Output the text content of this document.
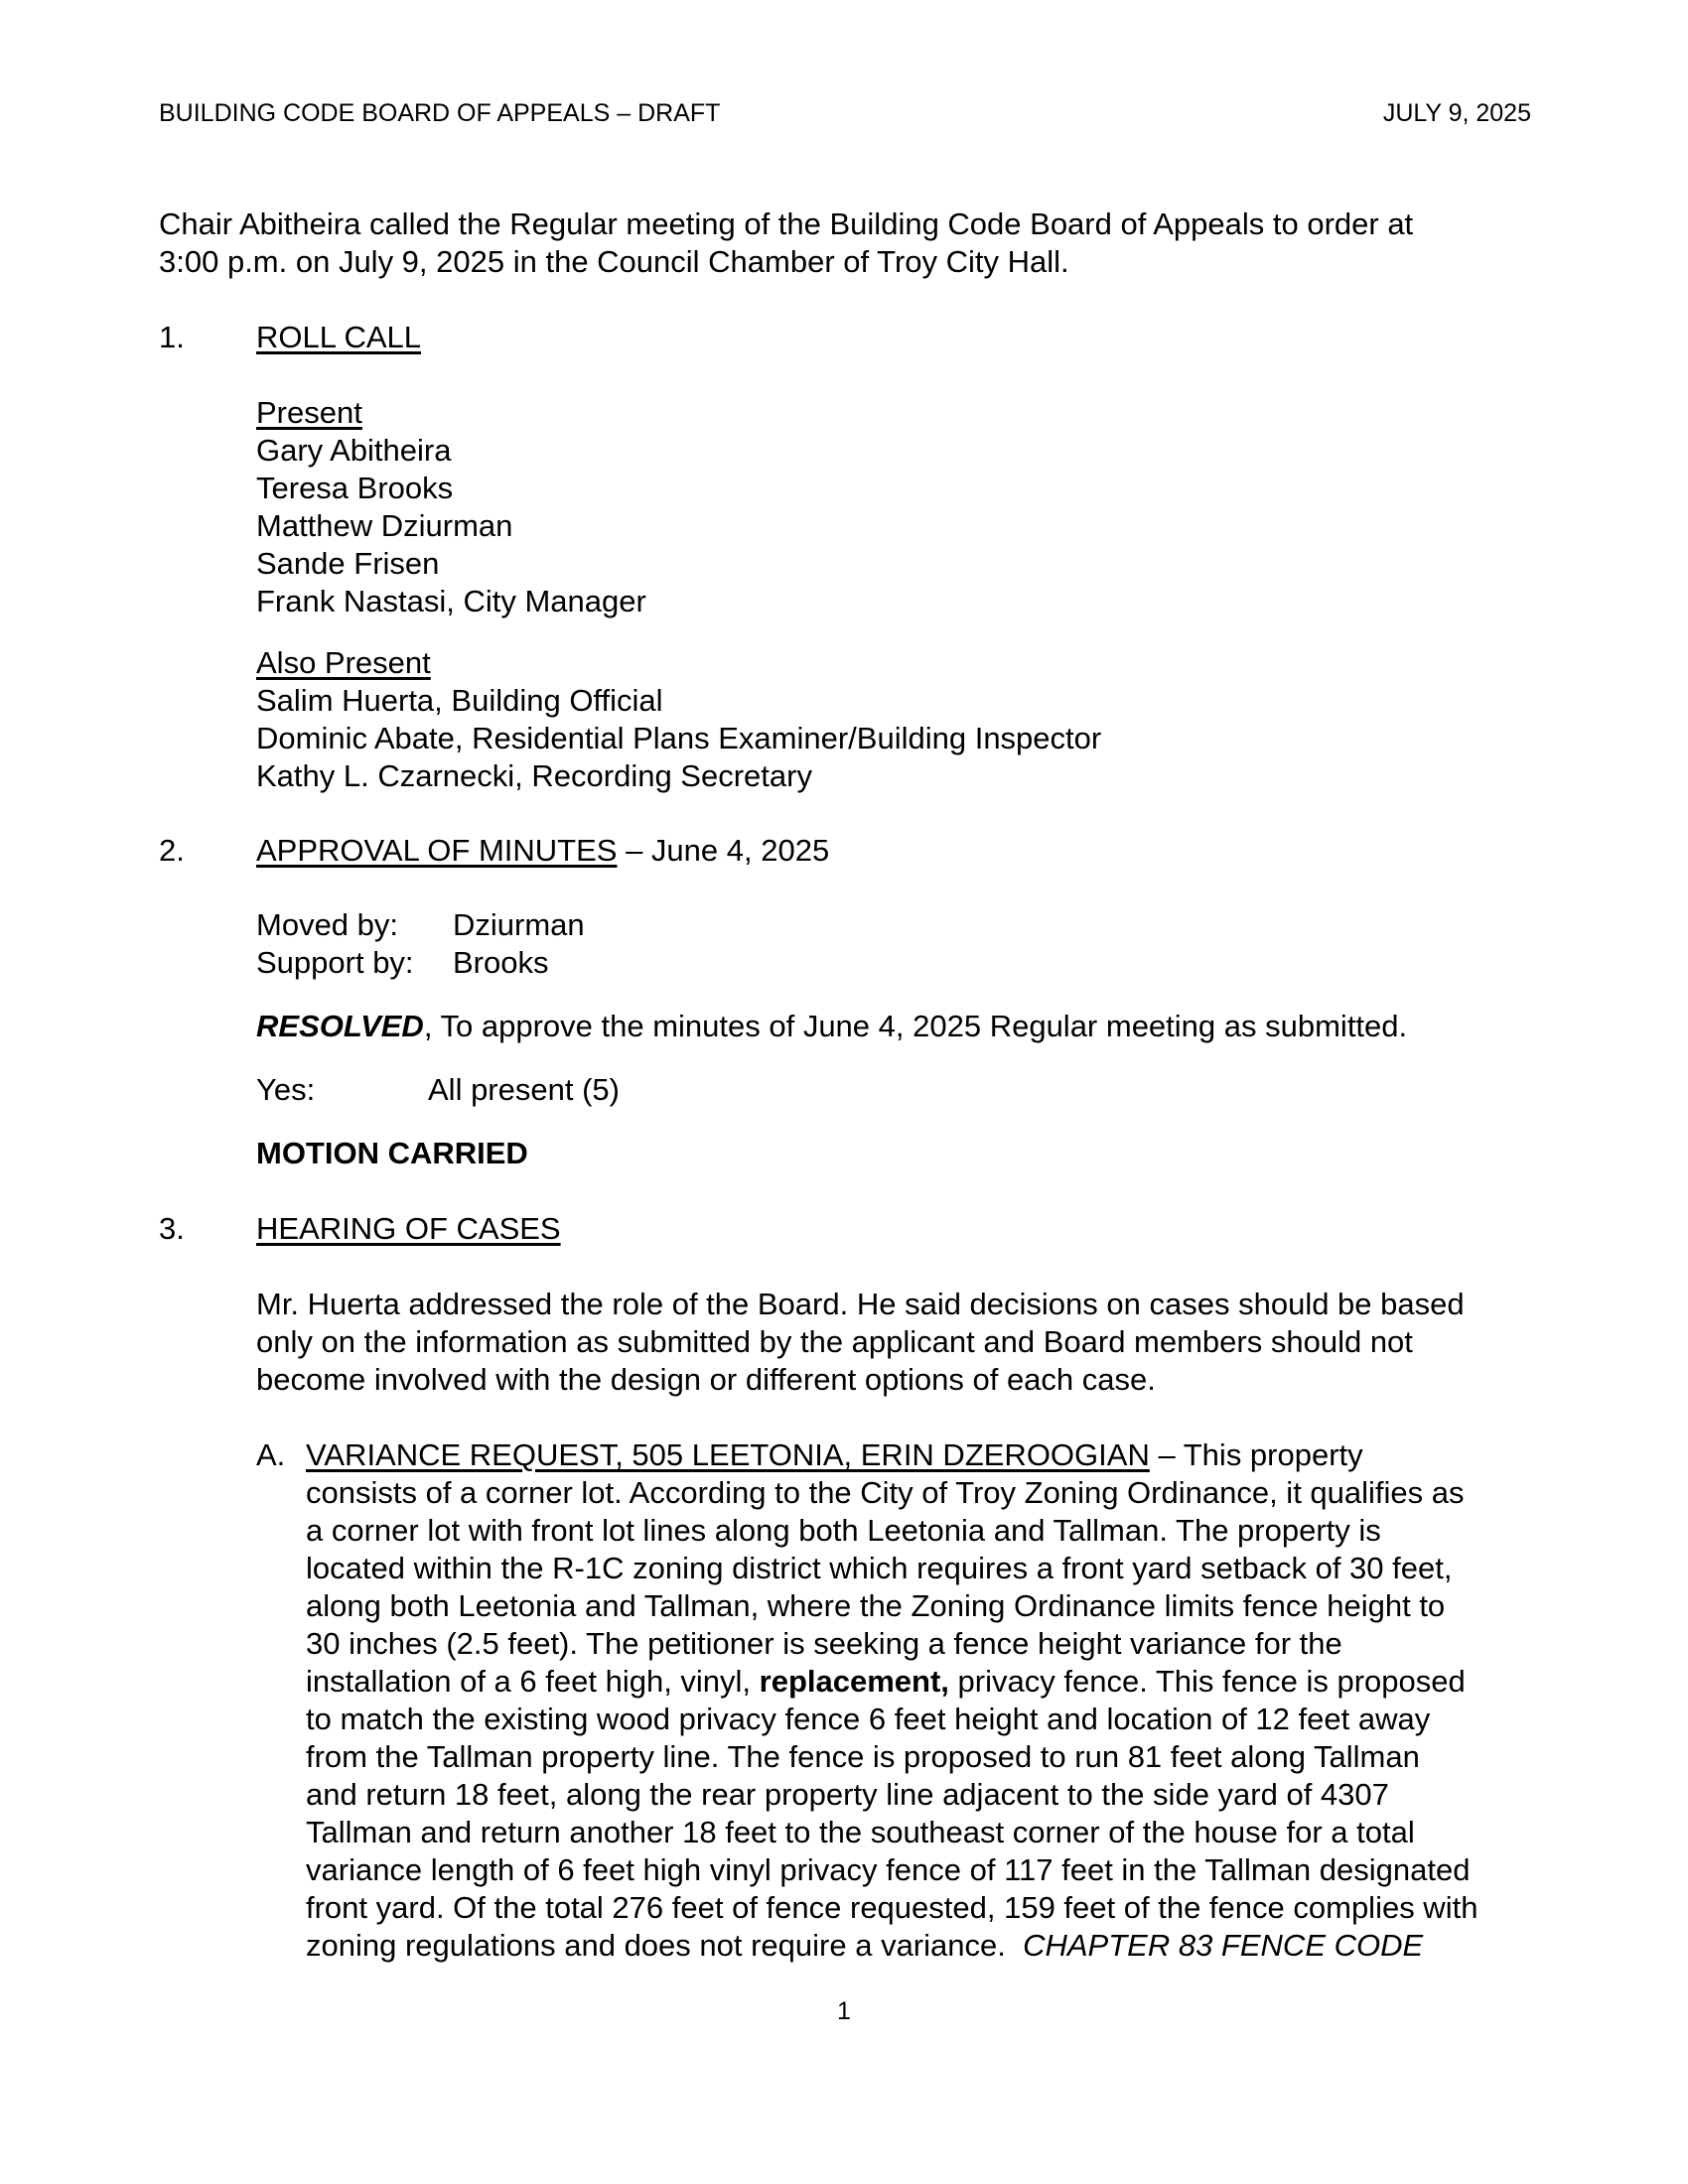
BUILDING CODE BOARD OF APPEALS – DRAFT	JULY 9, 2025
Chair Abitheira called the Regular meeting of the Building Code Board of Appeals to order at
3:00 p.m. on July 9, 2025 in the Council Chamber of Troy City Hall.
1. ROLL CALL
Present
Gary Abitheira
Teresa Brooks
Matthew Dziurman
Sande Frisen
Frank Nastasi, City Manager
Also Present
Salim Huerta, Building Official
Dominic Abate, Residential Plans Examiner/Building Inspector
Kathy L. Czarnecki, Recording Secretary
2. APPROVAL OF MINUTES – June 4, 2025
Moved by: Dziurman
Support by: Brooks
RESOLVED, To approve the minutes of June 4, 2025 Regular meeting as submitted.
Yes:	All present (5)
MOTION CARRIED
3. HEARING OF CASES
Mr. Huerta addressed the role of the Board. He said decisions on cases should be based
only on the information as submitted by the applicant and Board members should not
become involved with the design or different options of each case.
A. VARIANCE REQUEST, 505 LEETONIA, ERIN DZEROOGIAN – This property
consists of a corner lot. According to the City of Troy Zoning Ordinance, it qualifies as
a corner lot with front lot lines along both Leetonia and Tallman. The property is
located within the R-1C zoning district which requires a front yard setback of 30 feet,
along both Leetonia and Tallman, where the Zoning Ordinance limits fence height to
30 inches (2.5 feet). The petitioner is seeking a fence height variance for the
installation of a 6 feet high, vinyl, replacement, privacy fence. This fence is proposed
to match the existing wood privacy fence 6 feet height and location of 12 feet away
from the Tallman property line. The fence is proposed to run 81 feet along Tallman
and return 18 feet, along the rear property line adjacent to the side yard of 4307
Tallman and return another 18 feet to the southeast corner of the house for a total
variance length of 6 feet high vinyl privacy fence of 117 feet in the Tallman designated
front yard. Of the total 276 feet of fence requested, 159 feet of the fence complies with
zoning regulations and does not require a variance.  CHAPTER 83 FENCE CODE
1
